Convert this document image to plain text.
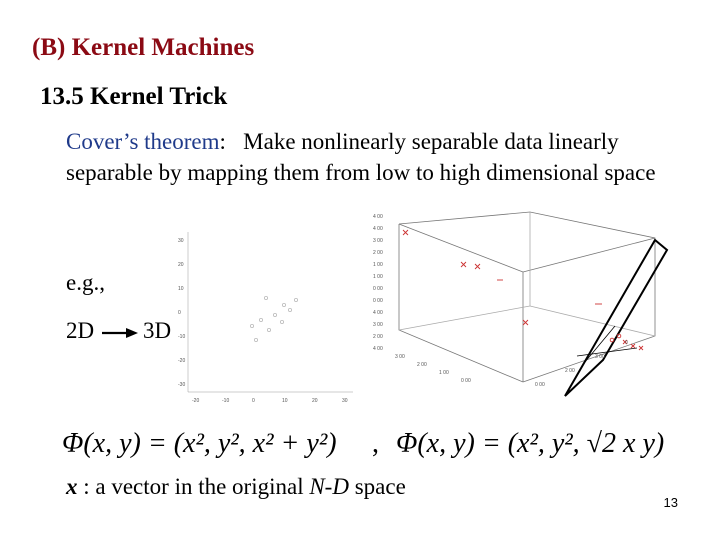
(B) Kernel Machines
13.5 Kernel Trick
Cover’s theorem: Make nonlinearly separable data linearly separable by mapping them from low to high dimensional space
30
20
10
0
-10
-20
-30
-20	-10	0	10	20	30
e.g.,
2D 3D
4 00
4 00
3 00
2 00
1 00
1 00
0 00
0 00
4 00
3 00
2 00
4 00
3 00
2 00
1 00
0 00
0 00
2 00
3 00
0
Φ(x, y) = (x², y², x² + y²) , Φ(x, y) = (x², y², √2 x y)
x : a vector in the original N-D space
13
